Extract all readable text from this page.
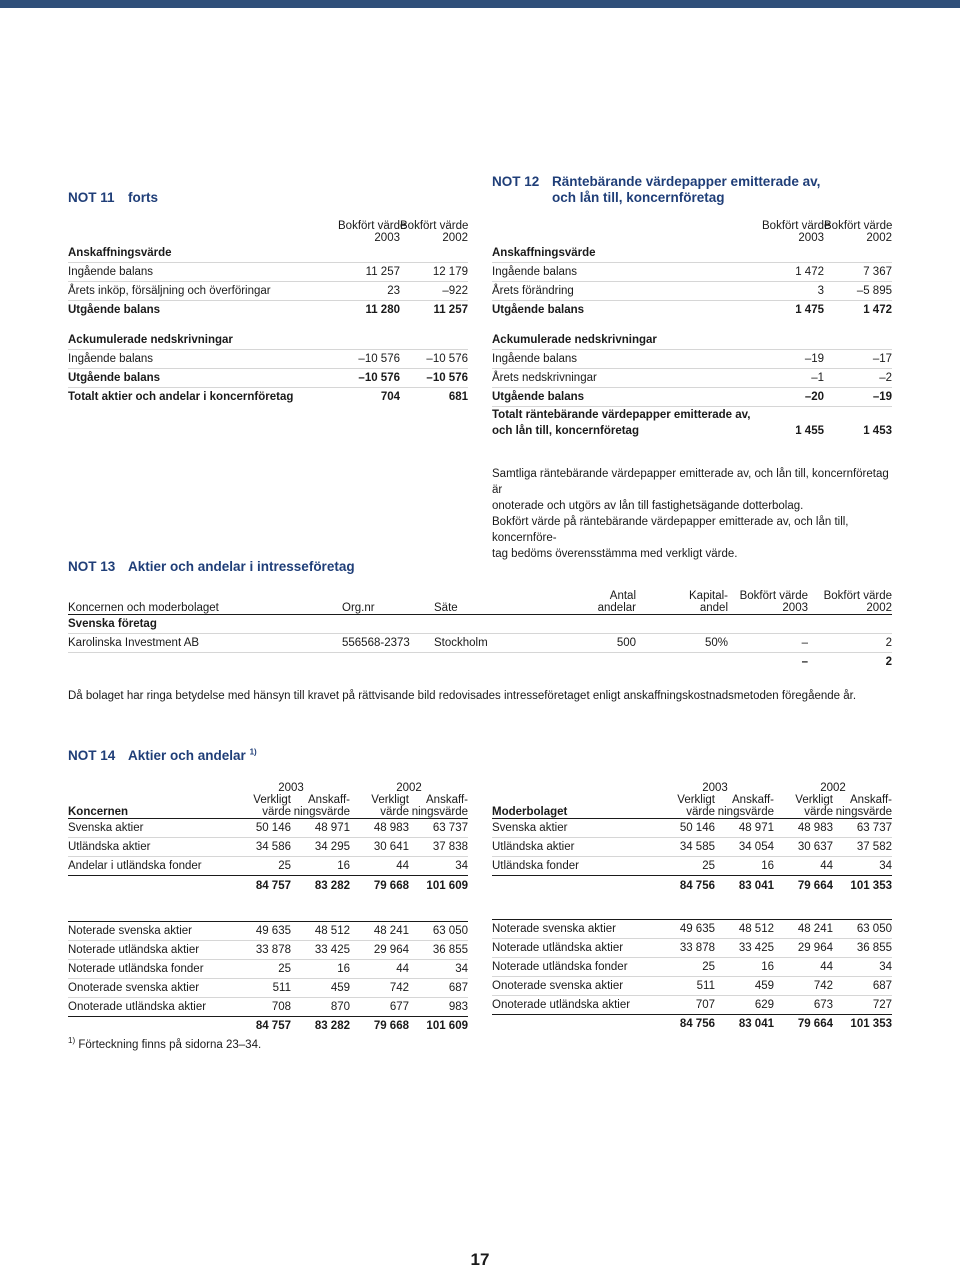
NOT 11 forts
	Bokfört värde	Bokfört värde
	2003	2002
Anskaffningsvärde		
Ingående balans	11 257	12 179
Årets inköp, försäljning och överföringar	23	–922
Utgående balans	11 280	11 257

Ackumulerade nedskrivningar		
Ingående balans	–10 576	–10 576
Utgående balans	–10 576	–10 576
Totalt aktier och andelar i koncernföretag	704	681
NOT 12 Räntebärande värdepapper emitterade av,
och lån till, koncernföretag
	Bokfört värde	Bokfört värde
	2003	2002
Anskaffningsvärde		
Ingående balans	1 472	7 367
Årets förändring	3	–5 895
Utgående balans	1 475	1 472

Ackumulerade nedskrivningar		
Ingående balans	–19	–17
Årets nedskrivningar	–1	–2
Utgående balans	–20	–19
Totalt räntebärande värdepapper emitterade av,		
och lån till, koncernföretag	1 455	1 453
Samtliga räntebärande värdepapper emitterade av, och lån till, koncernföretag är
onoterade och utgörs av lån till fastighetsägande dotterbolag.
Bokfört värde på räntebärande värdepapper emitterade av, och lån till, koncernföre-
tag bedöms överensstämma med verkligt värde.
NOT 13 Aktier och andelar i intresseföretag
			Antal	Kapital-	Bokfört värde	Bokfört värde
Koncernen och moderbolaget	Org.nr	Säte	andelar	andel	2003	2002
Svenska företag						
Karolinska Investment AB	556568-2373	Stockholm	500	50%	–	2
					–	2
Då bolaget har ringa betydelse med hänsyn till kravet på rättvisande bild redovisades intresseföretaget enligt anskaffningskostnadsmetoden föregående år.
NOT 14 Aktier och andelar $^{1)}$
	2003		2002	
	Verkligt	Anskaff-	Verkligt	Anskaff-
Koncernen	värde	ningsvärde	värde	ningsvärde
Svenska aktier	50 146	48 971	48 983	63 737
Utländska aktier	34 586	34 295	30 641	37 838
Andelar i utländska fonder	25	16	44	34
	84 757	83 282	79 668	101 609

Noterade svenska aktier	49 635	48 512	48 241	63 050
Noterade utländska aktier	33 878	33 425	29 964	36 855
Noterade utländska fonder	25	16	44	34
Onoterade svenska aktier	511	459	742	687
Onoterade utländska aktier	708	870	677	983
	84 757	83 282	79 668	101 609
$^{1)}$ Förteckning finns på sidorna 23–34.
	2003		2002	
	Verkligt	Anskaff-	Verkligt	Anskaff-
Moderbolaget	värde	ningsvärde	värde	ningsvärde
Svenska aktier	50 146	48 971	48 983	63 737
Utländska aktier	34 585	34 054	30 637	37 582
Utländska fonder	25	16	44	34
	84 756	83 041	79 664	101 353

Noterade svenska aktier	49 635	48 512	48 241	63 050
Noterade utländska aktier	33 878	33 425	29 964	36 855
Noterade utländska fonder	25	16	44	34
Onoterade svenska aktier	511	459	742	687
Onoterade utländska aktier	707	629	673	727
	84 756	83 041	79 664	101 353
17
